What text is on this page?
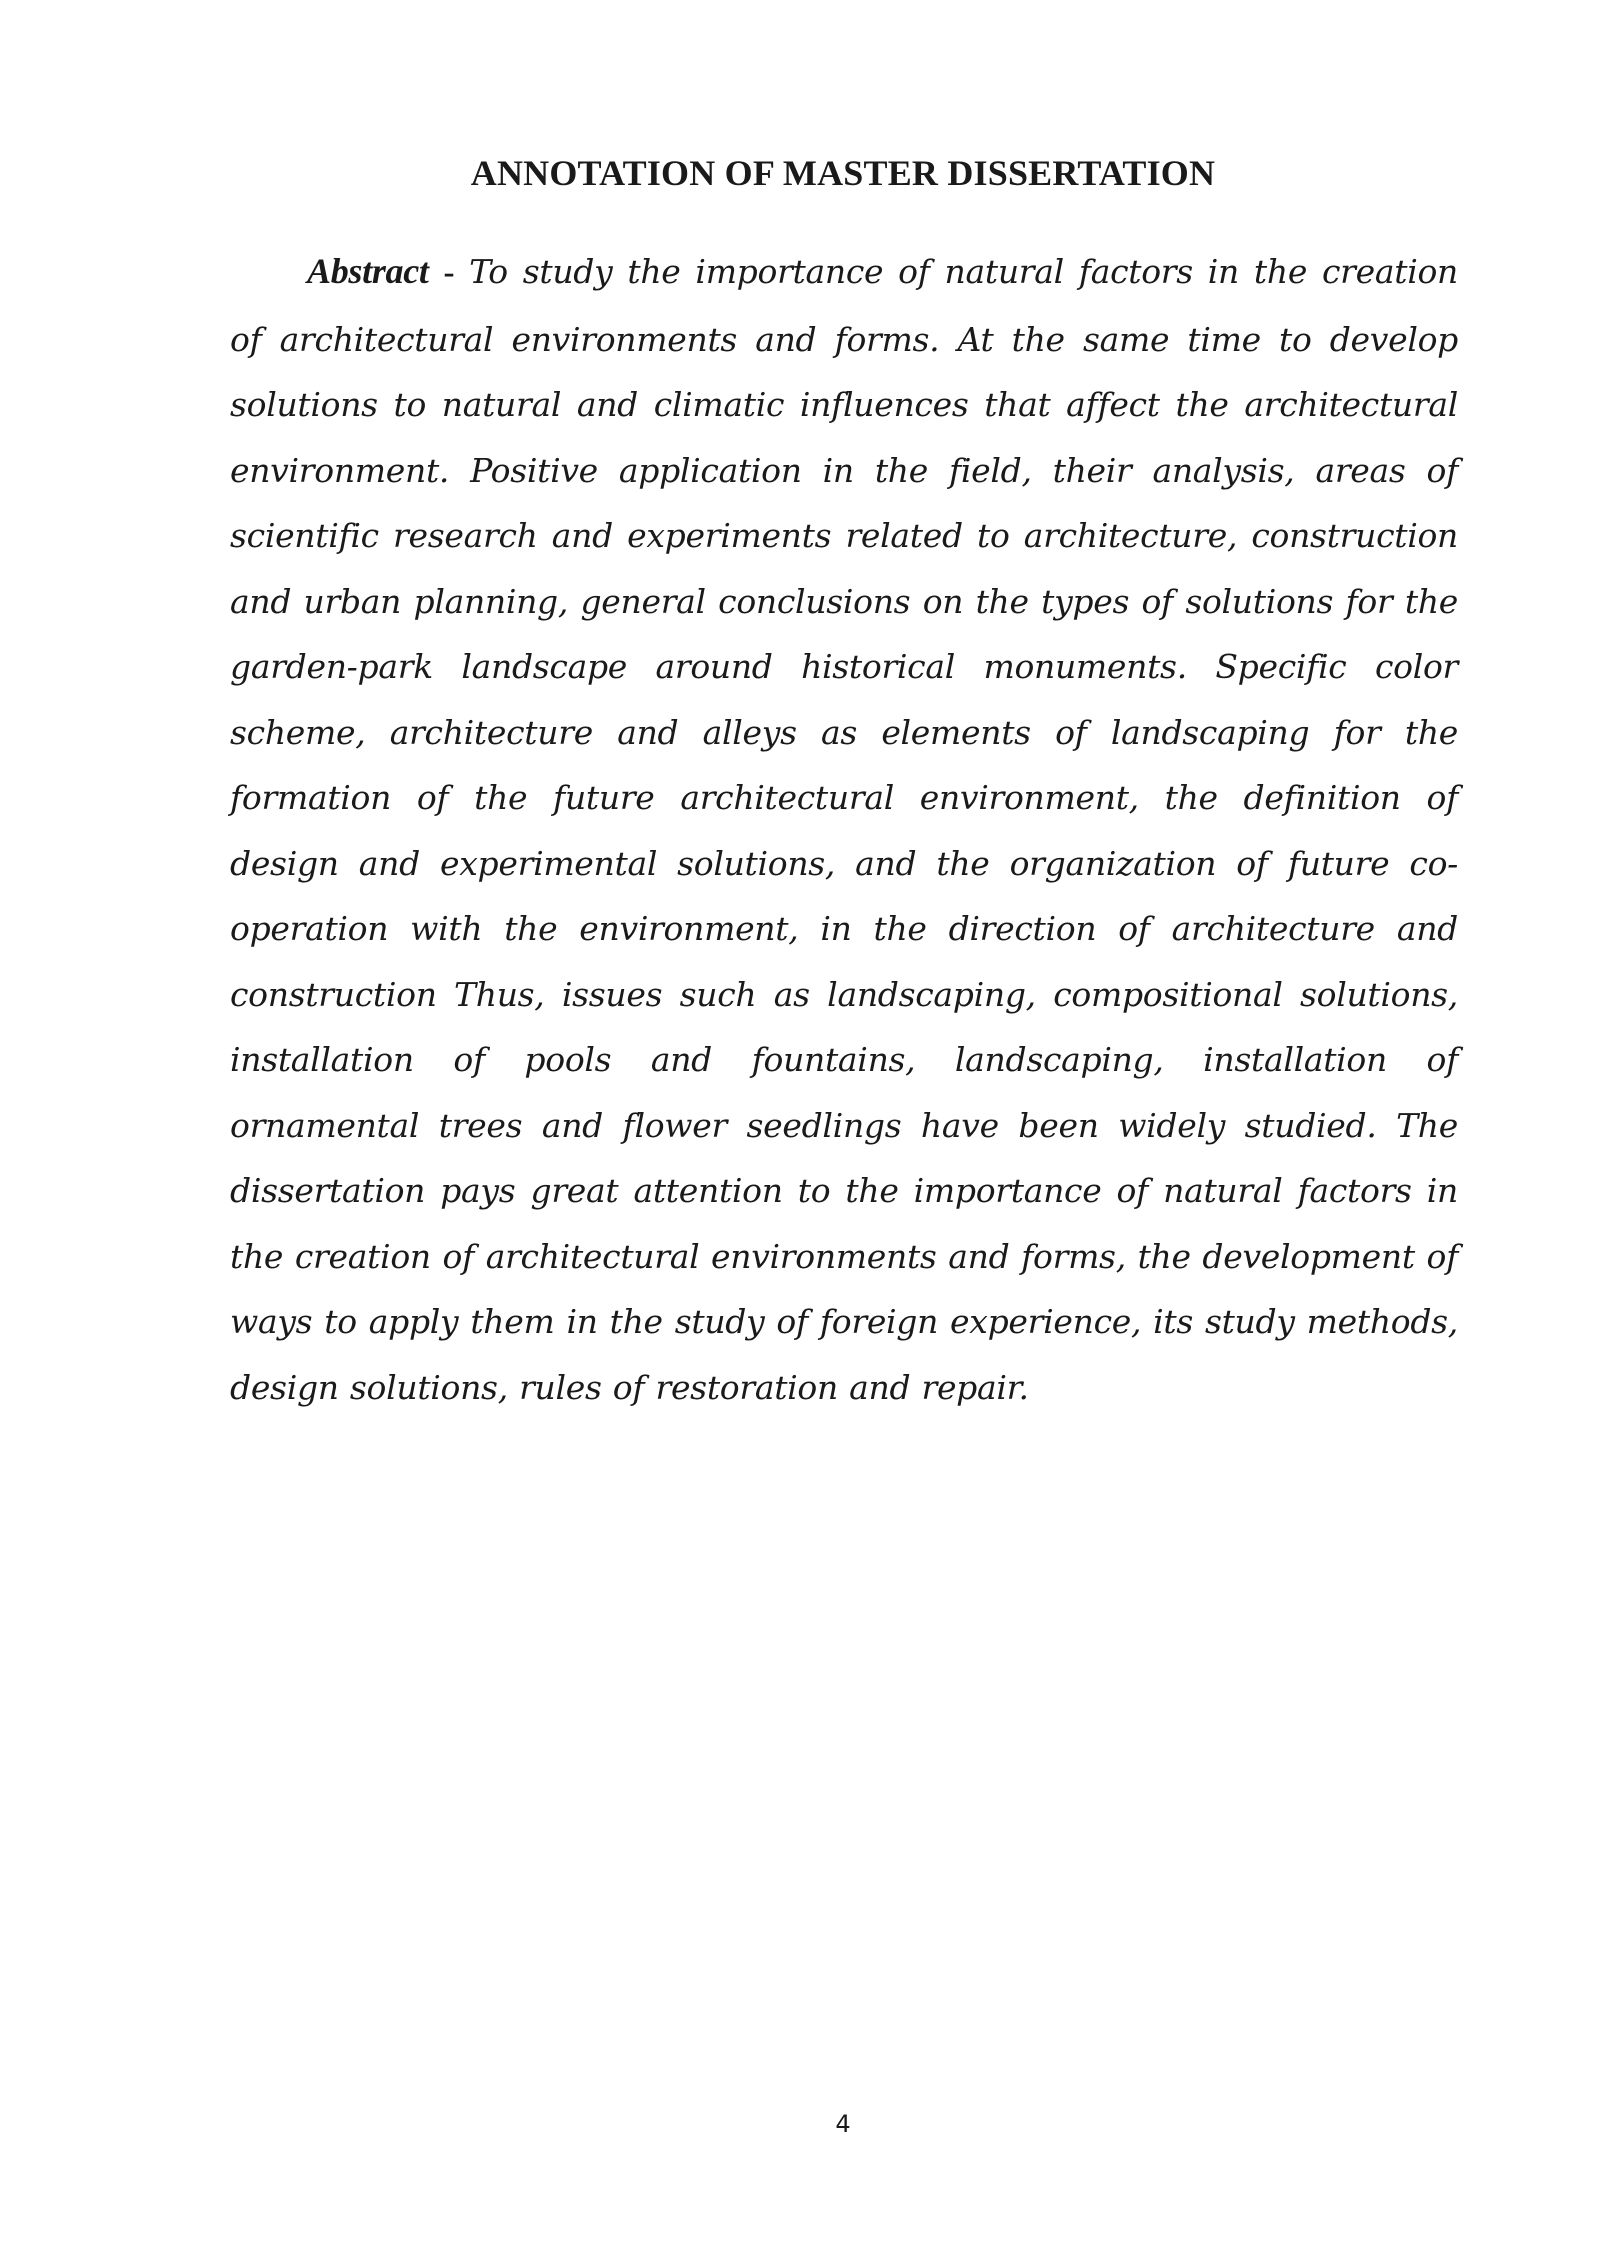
ANNOTATION OF MASTER DISSERTATION

Abstract - To study the importance of natural factors in the creation of architectural environments and forms. At the same time to develop solutions to natural and climatic influences that affect the architectural environment. Positive application in the field, their analysis, areas of scientific research and experiments related to architecture, construction and urban planning, general conclusions on the types of solutions for the garden-park landscape around historical monuments. Specific color scheme, architecture and alleys as elements of landscaping for the formation of the future architectural environment, the definition of design and experimental solutions, and the organization of future co-operation with the environment, in the direction of architecture and construction Thus, issues such as landscaping, compositional solutions, installation of pools and fountains, landscaping, installation of ornamental trees and flower seedlings have been widely studied. The dissertation pays great attention to the importance of natural factors in the creation of architectural environments and forms, the development of ways to apply them in the study of foreign experience, its study methods, design solutions, rules of restoration and repair.

4
